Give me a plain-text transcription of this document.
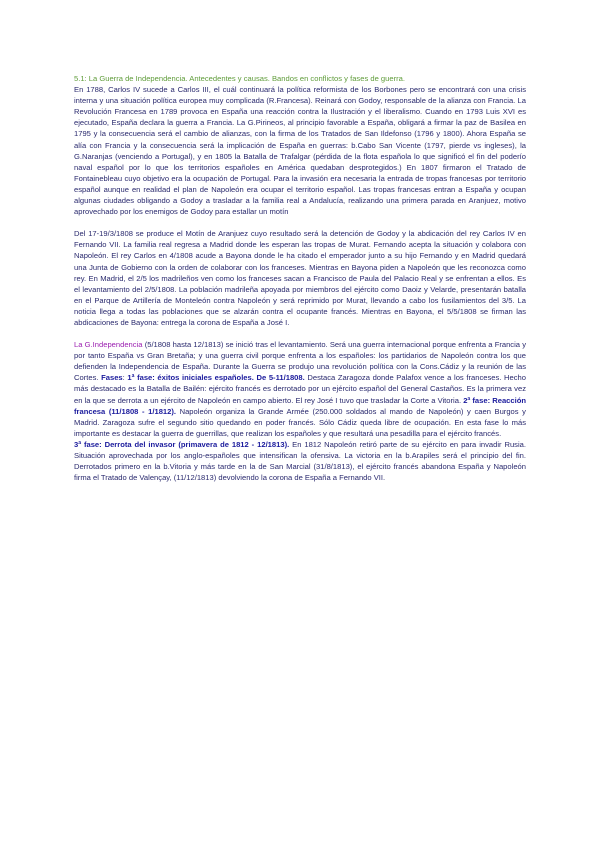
5.1: La Guerra de Independencia. Antecedentes y causas. Bandos en conflictos y fases de guerra.

En 1788, Carlos IV sucede a Carlos III, el cuál continuará la política reformista de los Borbones pero se encontrará con una crisis interna y una situación política europea muy complicada (R.Francesa). Reinará con Godoy, responsable de la alianza con Francia. La Revolución Francesa en 1789 provoca en España una reacción contra la Ilustración y el liberalismo. Cuando en 1793 Luis XVI es ejecutado, España declara la guerra a Francia. La G.Pirineos, al principio favorable a España, obligará a firmar la paz de Basilea en 1795 y la consecuencia será el cambio de alianzas, con la firma de los Tratados de San Ildefonso (1796 y 1800). Ahora España se alía con Francia y la consecuencia será la implicación de España en guerras: b.Cabo San Vicente (1797, pierde vs ingleses), la G.Naranjas (venciendo a Portugal), y en 1805 la Batalla de Trafalgar (pérdida de la flota española lo que significó el fin del poderío naval español por lo que los territorios españoles en América quedaban desprotegidos.) En 1807 firmaron el Tratado de Fontainebleau cuyo objetivo era la ocupación de Portugal. Para la invasión era necesaria la entrada de tropas francesas por territorio español aunque en realidad el plan de Napoleón era ocupar el territorio español. Las tropas francesas entran a España y ocupan algunas ciudades obligando a Godoy a trasladar a la familia real a Andalucía, realizando una primera parada en Aranjuez, motivo aprovechado por los enemigos de Godoy para estallar un motín

Del 17-19/3/1808 se produce el Motín de Aranjuez cuyo resultado será la detención de Godoy y la abdicación del rey Carlos IV en Fernando VII. La familia real regresa a Madrid donde les esperan las tropas de Murat. Fernando acepta la situación y colabora con Napoleón. El rey Carlos en 4/1808 acude a Bayona donde le ha citado el emperador junto a su hijo Fernando y en Madrid quedará una Junta de Gobierno con la orden de colaborar con los franceses. Mientras en Bayona piden a Napoleón que les reconozca como rey. En Madrid, el 2/5 los madrileños ven como los franceses sacan a Francisco de Paula del Palacio Real y se enfrentan a ellos. Es el levantamiento del 2/5/1808. La población madrileña apoyada por miembros del ejército como Daoiz y Velarde, presentarán batalla en el Parque de Artillería de Monteleón contra Napoleón y será reprimido por Murat, llevando a cabo los fusilamientos del 3/5. La noticia llega a todas las poblaciones que se alzarán contra el ocupante francés. Mientras en Bayona, el 5/5/1808 se firman las abdicaciones de Bayona: entrega la corona de España a José I.

La G.Independencia (5/1808 hasta 12/1813) se inició tras el levantamiento. Será una guerra internacional porque enfrenta a Francia y por tanto España vs Gran Bretaña; y una guerra civil porque enfrenta a los españoles: los partidarios de Napoleón contra los que defienden la Independencia de España. Durante la Guerra se produjo una revolución política con la Cons.Cádiz y la reunión de las Cortes. Fases: 1ª fase: éxitos iniciales españoles. De 5-11/1808. Destaca Zaragoza donde Palafox vence a los franceses. Hecho más destacado es la Batalla de Bailén: ejército francés es derrotado por un ejército español del General Castaños. Es la primera vez en la que se derrota a un ejército de Napoleón en campo abierto. El rey José I tuvo que trasladar la Corte a Vitoria. 2ª fase: Reacción francesa (11/1808 - 1/1812). Napoleón organiza la Grande Armée (250.000 soldados al mando de Napoleón) y caen Burgos y Madrid. Zaragoza sufre el segundo sitio quedando en poder francés. Sólo Cádiz queda libre de ocupación. En esta fase lo más importante es destacar la guerra de guerrillas, que realizan los españoles y que resultará una pesadilla para el ejército francés.
3ª fase: Derrota del invasor (primavera de 1812 - 12/1813). En 1812 Napoleón retiró parte de su ejército en para invadir Rusia. Situación aprovechada por los anglo-españoles que intensifican la ofensiva. La victoria en la b.Arapiles será el principio del fin. Derrotados primero en la b.Vitoria y más tarde en la de San Marcial (31/8/1813), el ejército francés abandona España y Napoleón firma el Tratado de Valençay, (11/12/1813) devolviendo la corona de España a Fernando VII.
